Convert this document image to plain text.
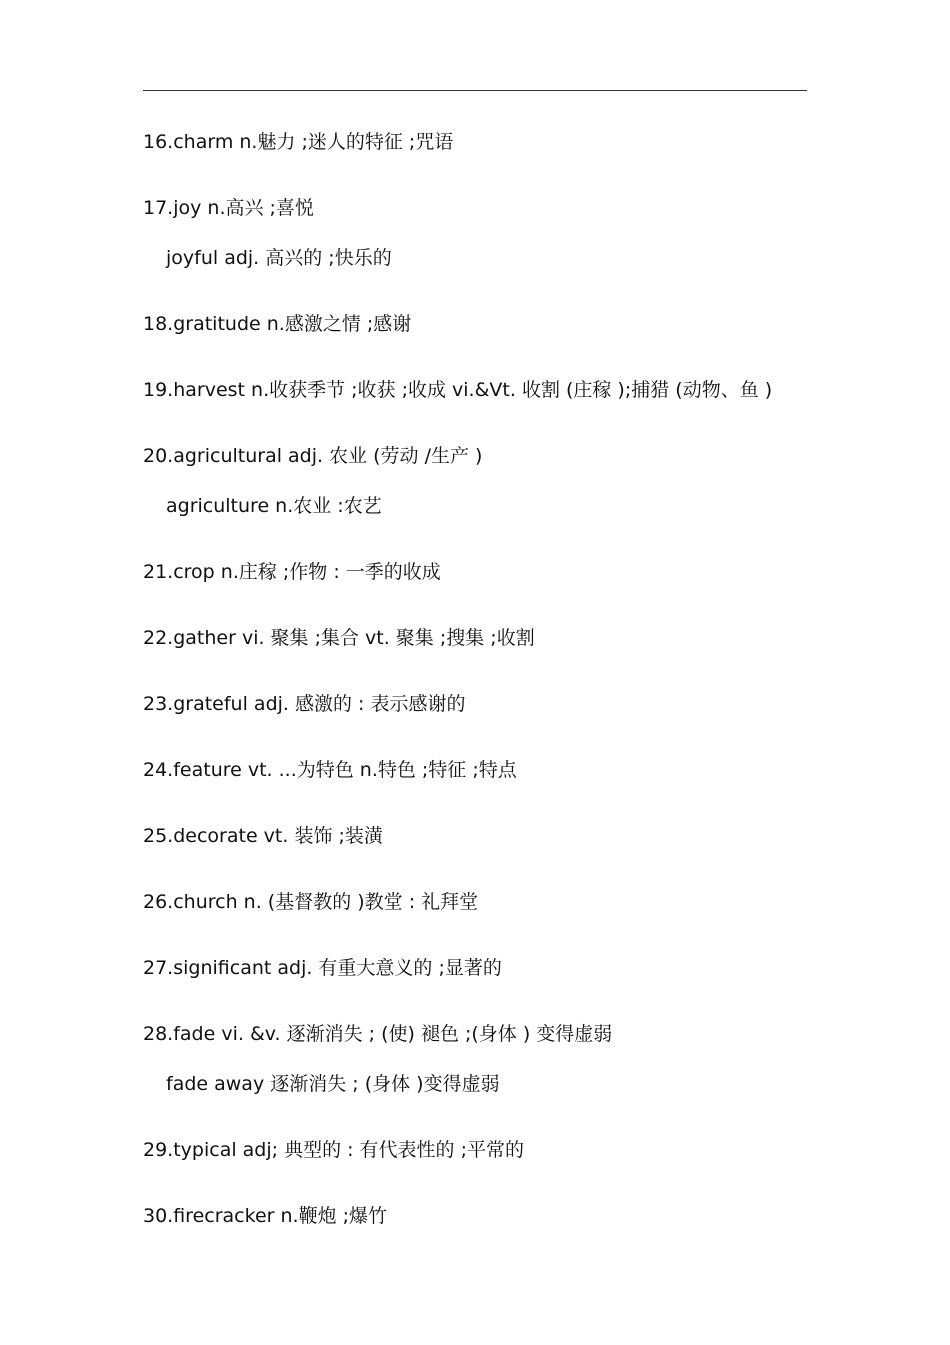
16.charm n.魅力 ;迷人的特征 ;咒语

17.joy n.高兴 ;喜悦

joyful adj. 高兴的 ;快乐的

18.gratitude n.感激之情 ;感谢

19.harvest n.收获季节 ;收获 ;收成 vi.&Vt. 收割 (庄稼 );捕猎 (动物、鱼 )

20.agricultural adj. 农业 (劳动 /生产 )

agriculture n.农业 :农艺

21.crop n.庄稼 ;作物 : 一季的收成

22.gather vi. 聚集 ;集合 vt. 聚集 ;搜集 ;收割

23.grateful adj. 感激的 : 表示感谢的

24.feature vt. ...为特色 n.特色 ;特征 ;特点

25.decorate vt. 装饰 ;装潢

26.church n. (基督教的 )教堂 : 礼拜堂

27.significant adj. 有重大意义的 ;显著的

28.fade vi. &v. 逐渐消失 ; (使) 褪色 ;(身体 ) 变得虚弱

fade away 逐渐消失 ; (身体 )变得虚弱

29.typical adj; 典型的 : 有代表性的 ;平常的

30.firecracker n.鞭炮 ;爆竹
